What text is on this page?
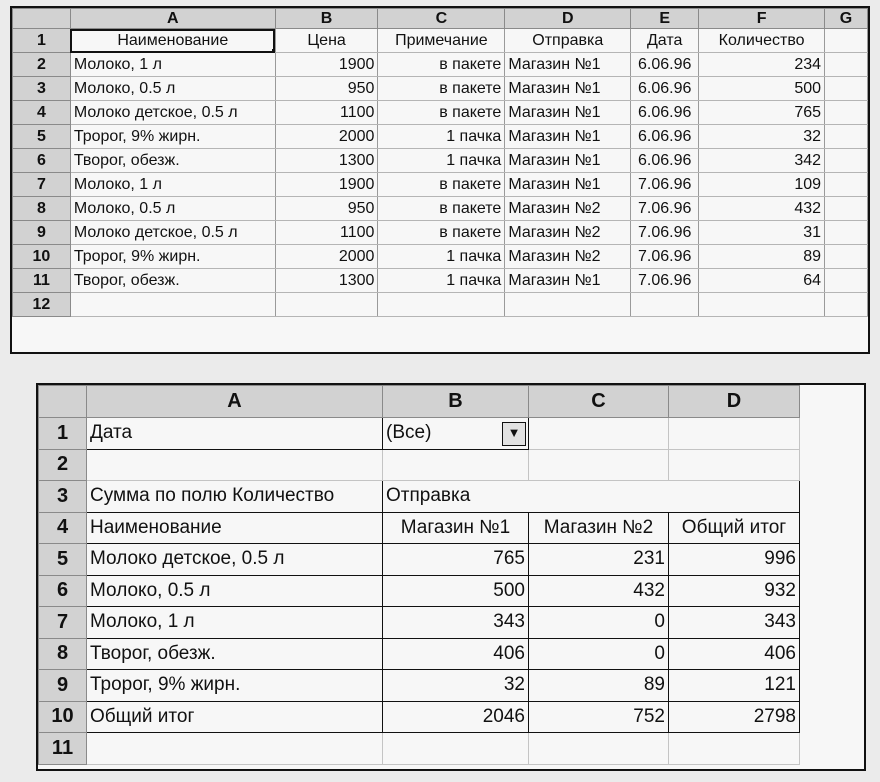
	A	B	C	D	E	F	G
1	Наименование	Цена	Примечание	Отправка	Дата	Количество	
2	Молоко, 1 л	1900	в пакете	Магазин №1	6.06.96	234	
3	Молоко, 0.5 л	950	в пакете	Магазин №1	6.06.96	500	
4	Молоко детское, 0.5 л	1100	в пакете	Магазин №1	6.06.96	765	
5	Тророг, 9% жирн.	2000	1 пачка	Магазин №1	6.06.96	32	
6	Творог, обезж.	1300	1 пачка	Магазин №1	6.06.96	342	
7	Молоко, 1 л	1900	в пакете	Магазин №1	7.06.96	109	
8	Молоко, 0.5 л	950	в пакете	Магазин №2	7.06.96	432	
9	Молоко детское, 0.5 л	1100	в пакете	Магазин №2	7.06.96	31	
10	Тророг, 9% жирн.	2000	1 пачка	Магазин №2	7.06.96	89	
11	Творог, обезж.	1300	1 пачка	Магазин №1	7.06.96	64	
12							
	A	B	C	D
1	Дата	(Все) ▼		

2				
3	Сумма по полю Количество	Отправка		
4	Наименование	Магазин №1	Магазин №2	Общий итог
5	Молоко детское, 0.5 л	765	231	996
6	Молоко, 0.5 л	500	432	932
7	Молоко, 1 л	343	0	343
8	Творог, обезж.	406	0	406
9	Тророг, 9% жирн.	32	89	121
10	Общий итог	2046	752	2798
11				
